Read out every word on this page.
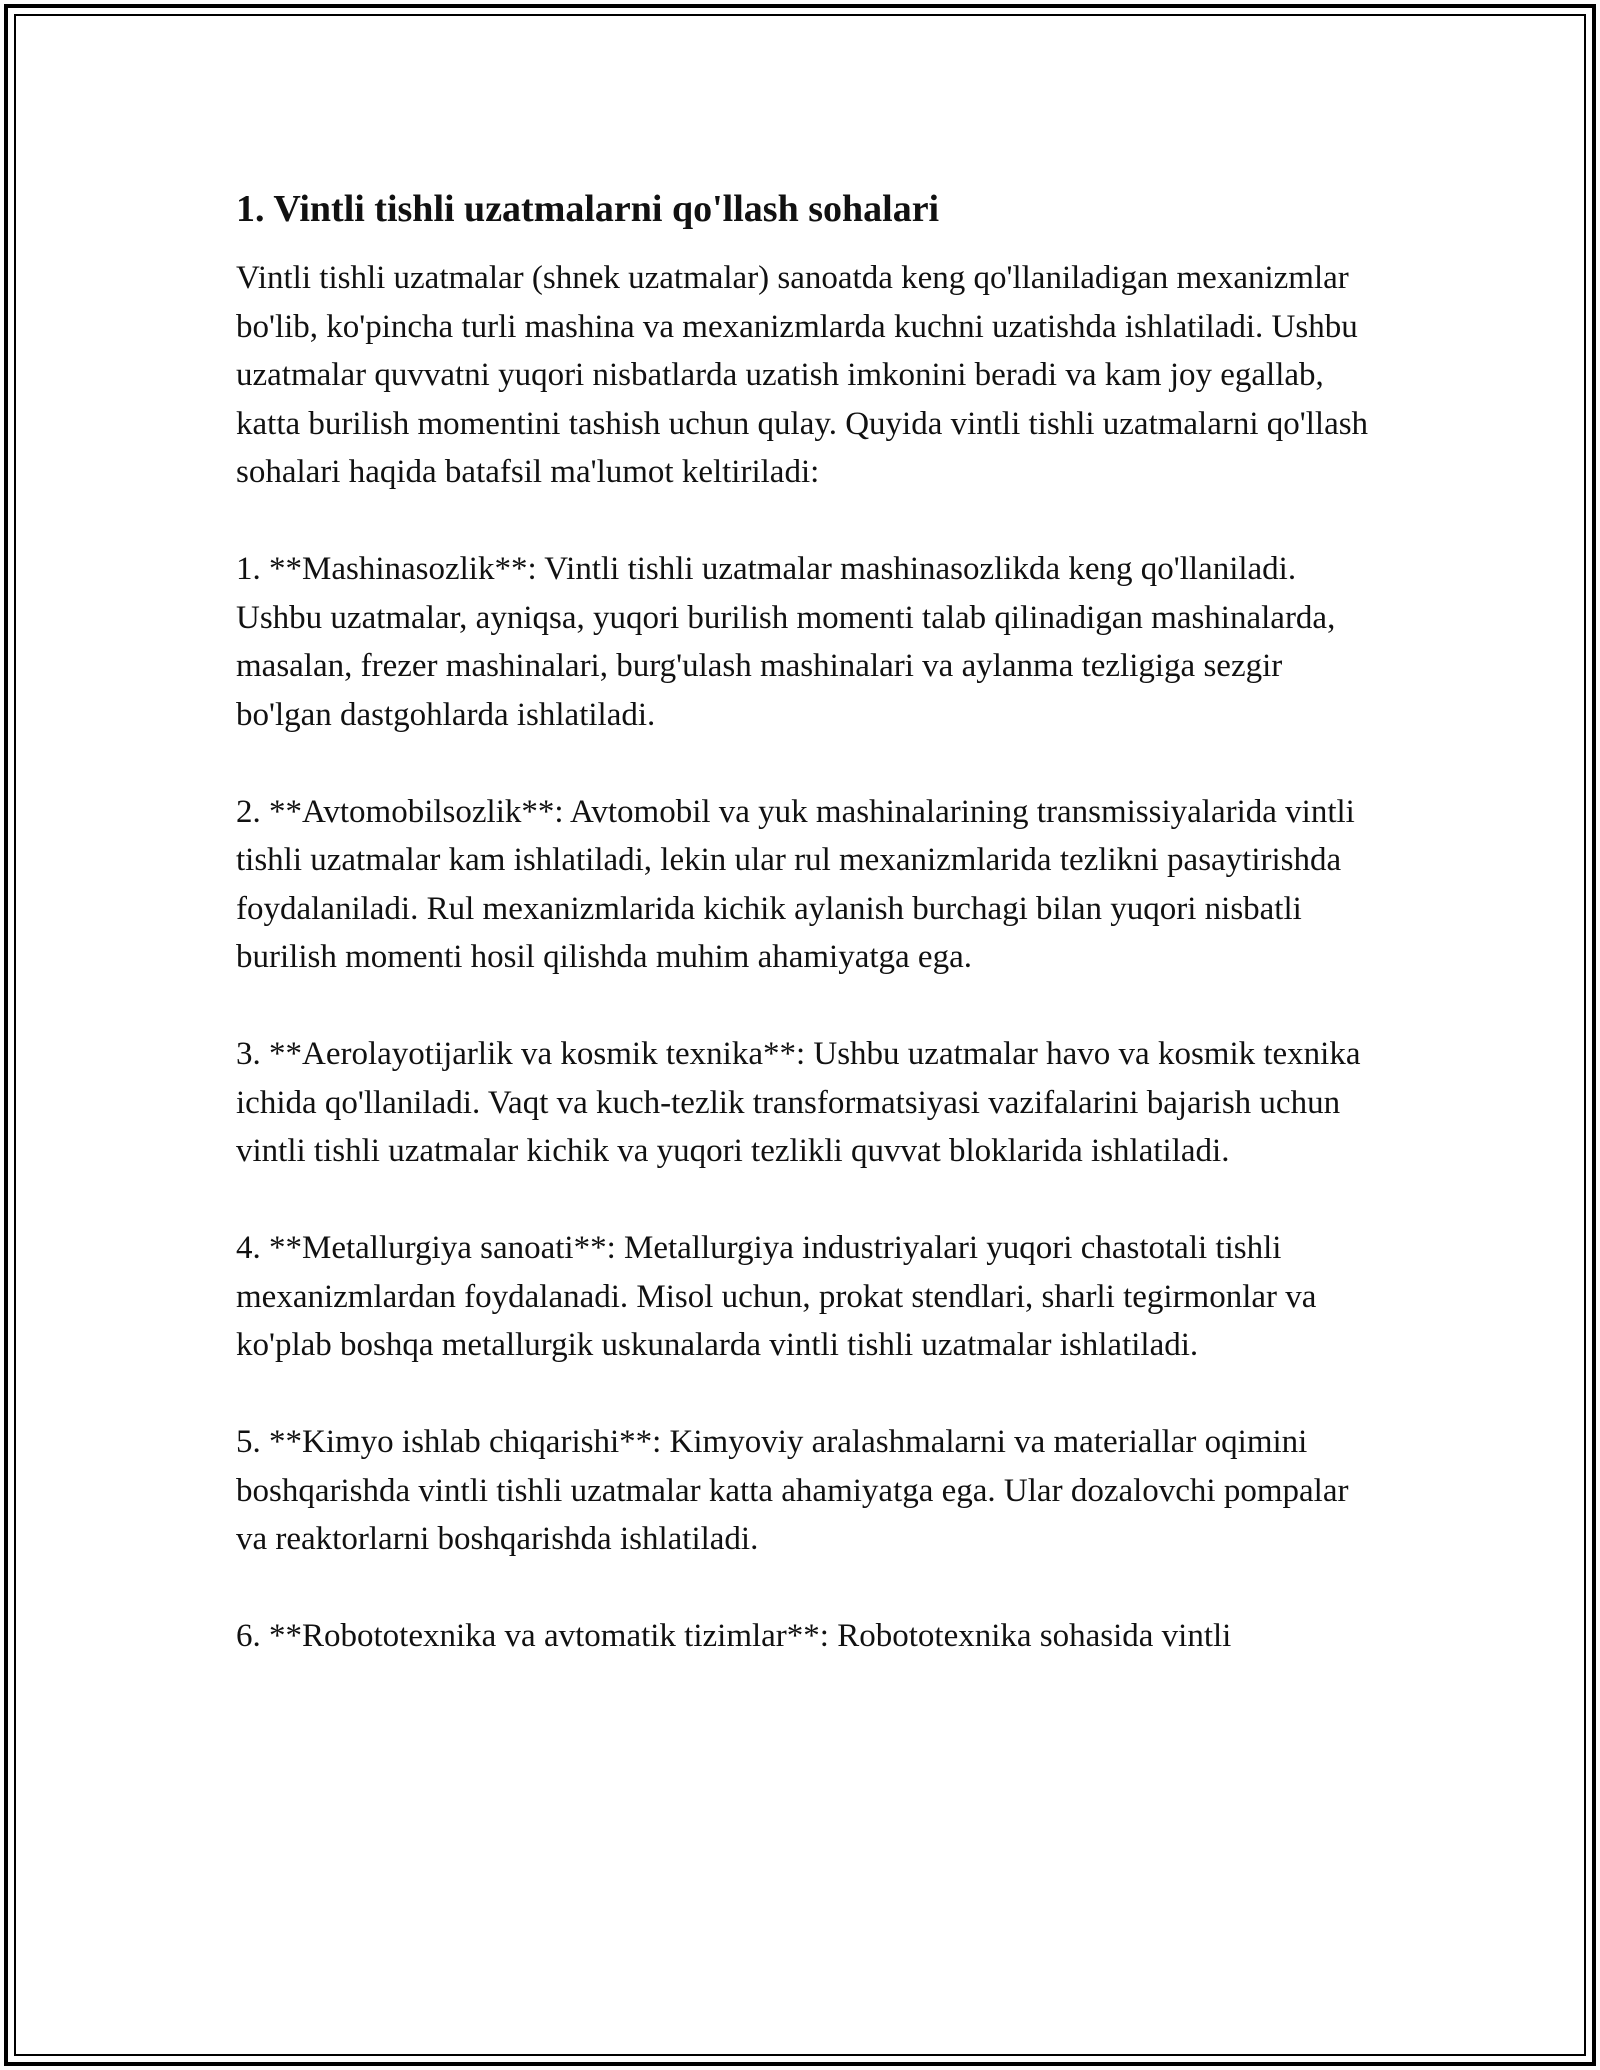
1. Vintli tishli uzatmalarni qo'llash sohalari

Vintli tishli uzatmalar (shnek uzatmalar) sanoatda keng qo'llaniladigan mexanizmlar bo'lib, ko'pincha turli mashina va mexanizmlarda kuchni uzatishda ishlatiladi. Ushbu uzatmalar quvvatni yuqori nisbatlarda uzatish imkonini beradi va kam joy egallab, katta burilish momentini tashish uchun qulay. Quyida vintli tishli uzatmalarni qo'llash sohalari haqida batafsil ma'lumot keltiriladi:

1. **Mashinasozlik**: Vintli tishli uzatmalar mashinasozlikda keng qo'llaniladi. Ushbu uzatmalar, ayniqsa, yuqori burilish momenti talab qilinadigan mashinalarda, masalan, frezer mashinalari, burg'ulash mashinalari va aylanma tezligiga sezgir bo'lgan dastgohlarda ishlatiladi.

2. **Avtomobilsozlik**: Avtomobil va yuk mashinalarining transmissiyalarida vintli tishli uzatmalar kam ishlatiladi, lekin ular rul mexanizmlarida tezlikni pasaytirishda foydalaniladi. Rul mexanizmlarida kichik aylanish burchagi bilan yuqori nisbatli burilish momenti hosil qilishda muhim ahamiyatga ega.

3. **Aerolayotijarlik va kosmik texnika**: Ushbu uzatmalar havo va kosmik texnika ichida qo'llaniladi. Vaqt va kuch-tezlik transformatsiyasi vazifalarini bajarish uchun vintli tishli uzatmalar kichik va yuqori tezlikli quvvat bloklarida ishlatiladi.

4. **Metallurgiya sanoati**: Metallurgiya industriyalari yuqori chastotali tishli mexanizmlardan foydalanadi. Misol uchun, prokat stendlari, sharli tegirmonlar va ko'plab boshqa metallurgik uskunalarda vintli tishli uzatmalar ishlatiladi.

5. **Kimyo ishlab chiqarishi**: Kimyoviy aralashmalarni va materiallar oqimini boshqarishda vintli tishli uzatmalar katta ahamiyatga ega. Ular dozalovchi pompalar va reaktorlarni boshqarishda ishlatiladi.

6. **Robototexnika va avtomatik tizimlar**: Robototexnika sohasida vintli
